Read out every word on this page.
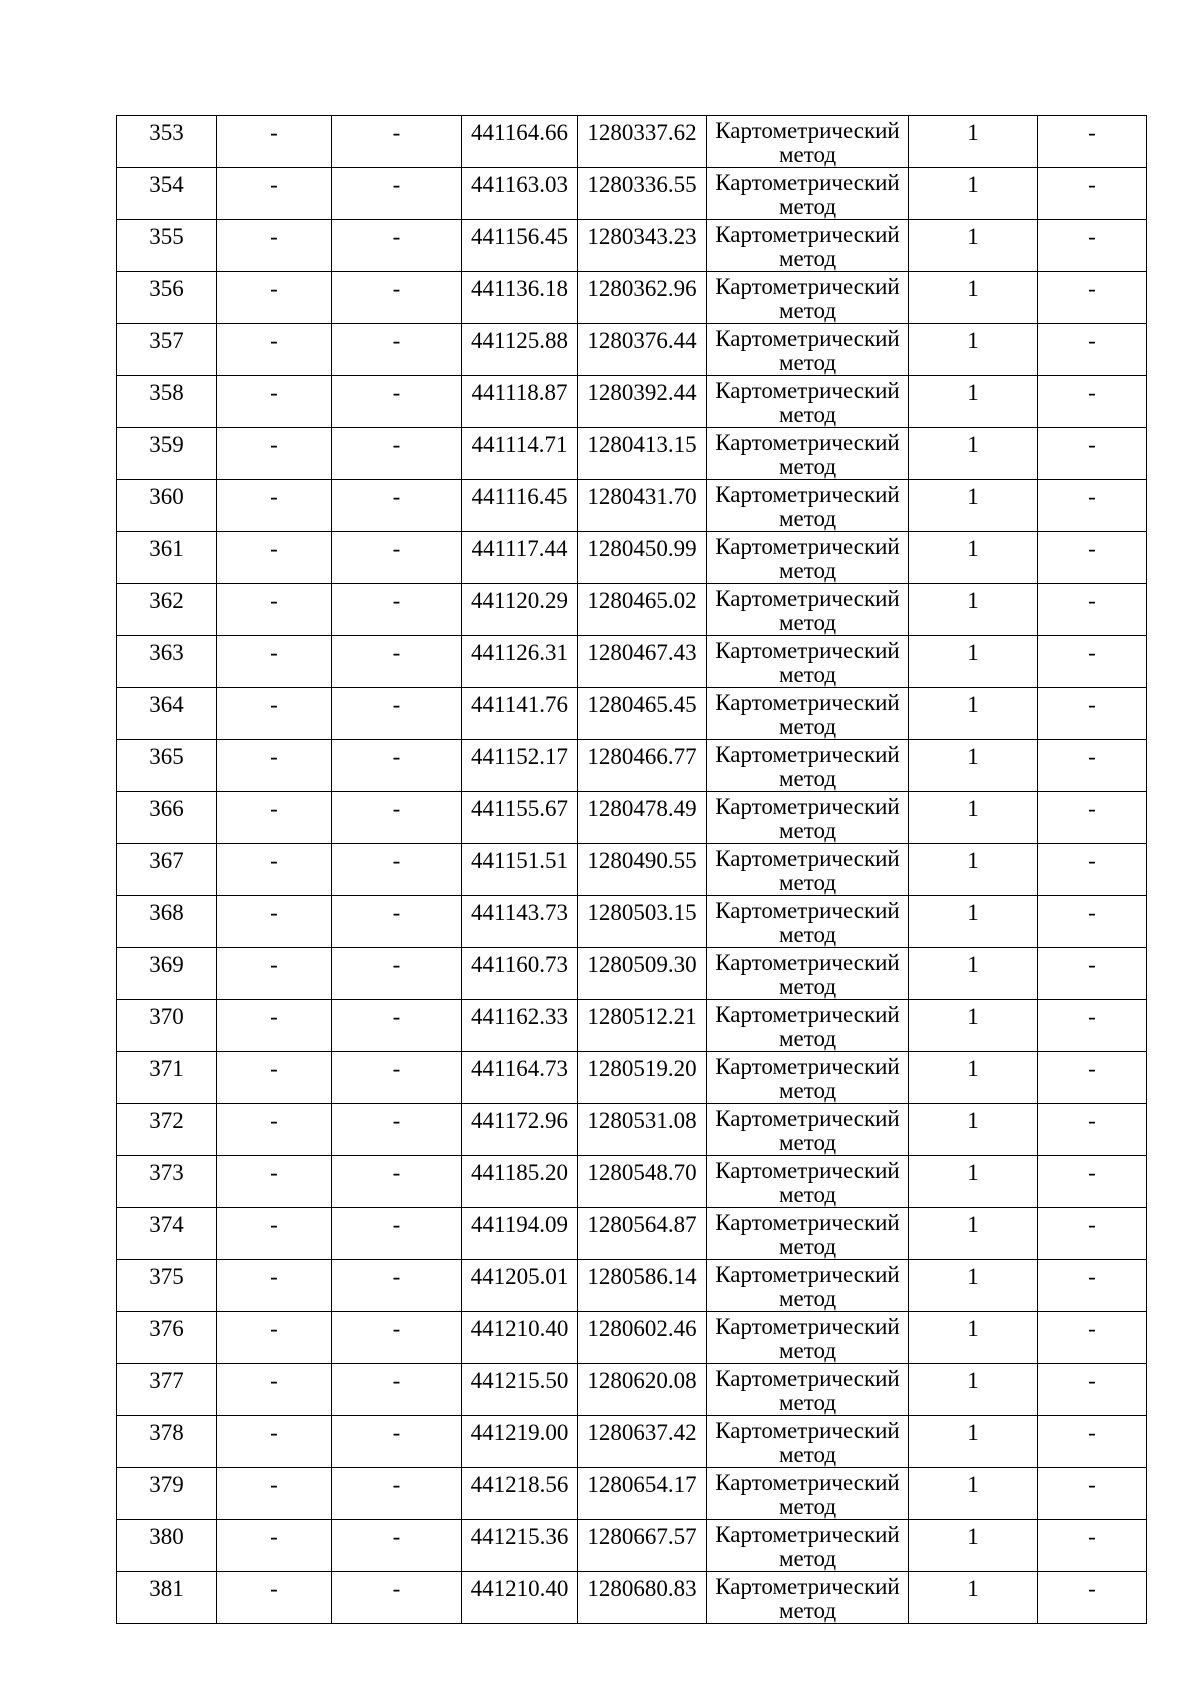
353	-	-	441164.66	1280337.62	Картометрический
метод	1	-

354	-	-	441163.03	1280336.55	Картометрический
метод	1	-

355	-	-	441156.45	1280343.23	Картометрический
метод	1	-

356	-	-	441136.18	1280362.96	Картометрический
метод	1	-

357	-	-	441125.88	1280376.44	Картометрический
метод	1	-

358	-	-	441118.87	1280392.44	Картометрический
метод	1	-

359	-	-	441114.71	1280413.15	Картометрический
метод	1	-

360	-	-	441116.45	1280431.70	Картометрический
метод	1	-

361	-	-	441117.44	1280450.99	Картометрический
метод	1	-

362	-	-	441120.29	1280465.02	Картометрический
метод	1	-

363	-	-	441126.31	1280467.43	Картометрический
метод	1	-

364	-	-	441141.76	1280465.45	Картометрический
метод	1	-

365	-	-	441152.17	1280466.77	Картометрический
метод	1	-

366	-	-	441155.67	1280478.49	Картометрический
метод	1	-

367	-	-	441151.51	1280490.55	Картометрический
метод	1	-

368	-	-	441143.73	1280503.15	Картометрический
метод	1	-

369	-	-	441160.73	1280509.30	Картометрический
метод	1	-

370	-	-	441162.33	1280512.21	Картометрический
метод	1	-

371	-	-	441164.73	1280519.20	Картометрический
метод	1	-

372	-	-	441172.96	1280531.08	Картометрический
метод	1	-

373	-	-	441185.20	1280548.70	Картометрический
метод	1	-

374	-	-	441194.09	1280564.87	Картометрический
метод	1	-

375	-	-	441205.01	1280586.14	Картометрический
метод	1	-

376	-	-	441210.40	1280602.46	Картометрический
метод	1	-

377	-	-	441215.50	1280620.08	Картометрический
метод	1	-

378	-	-	441219.00	1280637.42	Картометрический
метод	1	-

379	-	-	441218.56	1280654.17	Картометрический
метод	1	-

380	-	-	441215.36	1280667.57	Картометрический
метод	1	-

381	-	-	441210.40	1280680.83	Картометрический
метод	1	-
